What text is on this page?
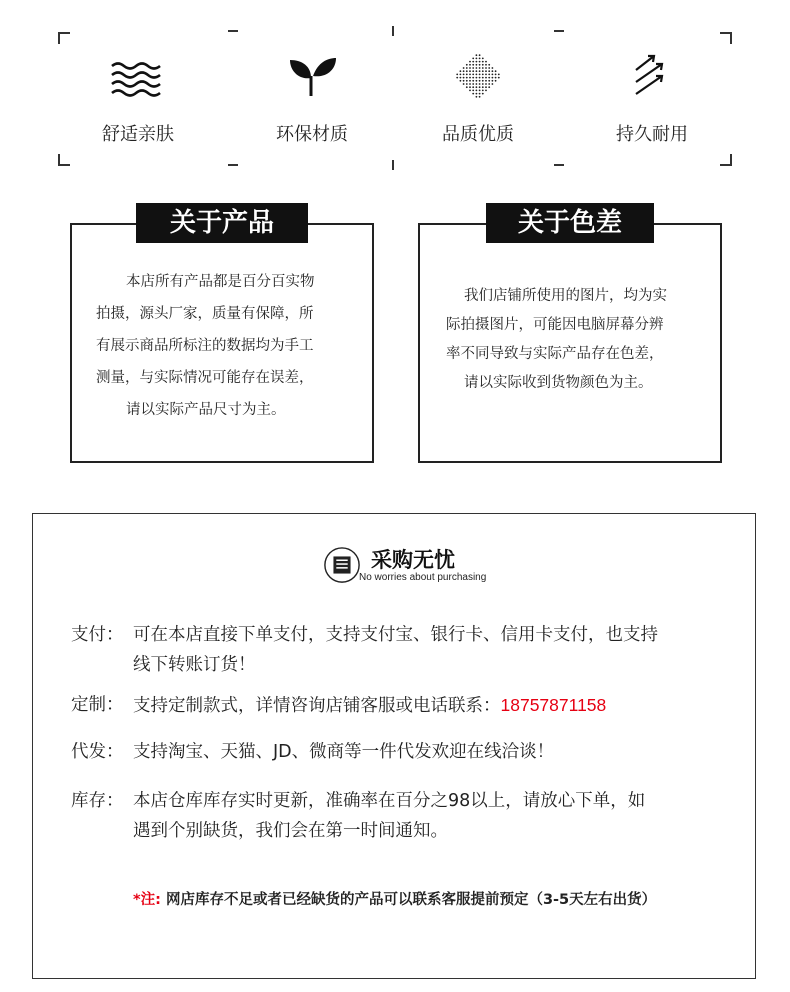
舒适亲肤	环保材质	品质优质	持久耐用
关于产品
本店所有产品都是百分百实物
拍摄，源头厂家，质量有保障，所
有展示商品所标注的数据均为手工
测量，与实际情况可能存在误差，
请以实际产品尺寸为主。
关于色差
我们店铺所使用的图片，均为实
际拍摄图片，可能因电脑屏幕分辨
率不同导致与实际产品存在色差，
请以实际收到货物颜色为主。
采购无忧
No worries about purchasing
支付： 可在本店直接下单支付，支持支付宝、银行卡、信用卡支付，也支持
线下转账订货！
定制： 支持定制款式，详情咨询店铺客服或电话联系：18757871158
代发： 支持淘宝、天猫、JD、微商等一件代发欢迎在线洽谈！
库存： 本店仓库库存实时更新，准确率在百分之98以上，请放心下单，如
遇到个别缺货，我们会在第一时间通知。
*注: 网店库存不足或者已经缺货的产品可以联系客服提前预定（3-5天左右出货）
